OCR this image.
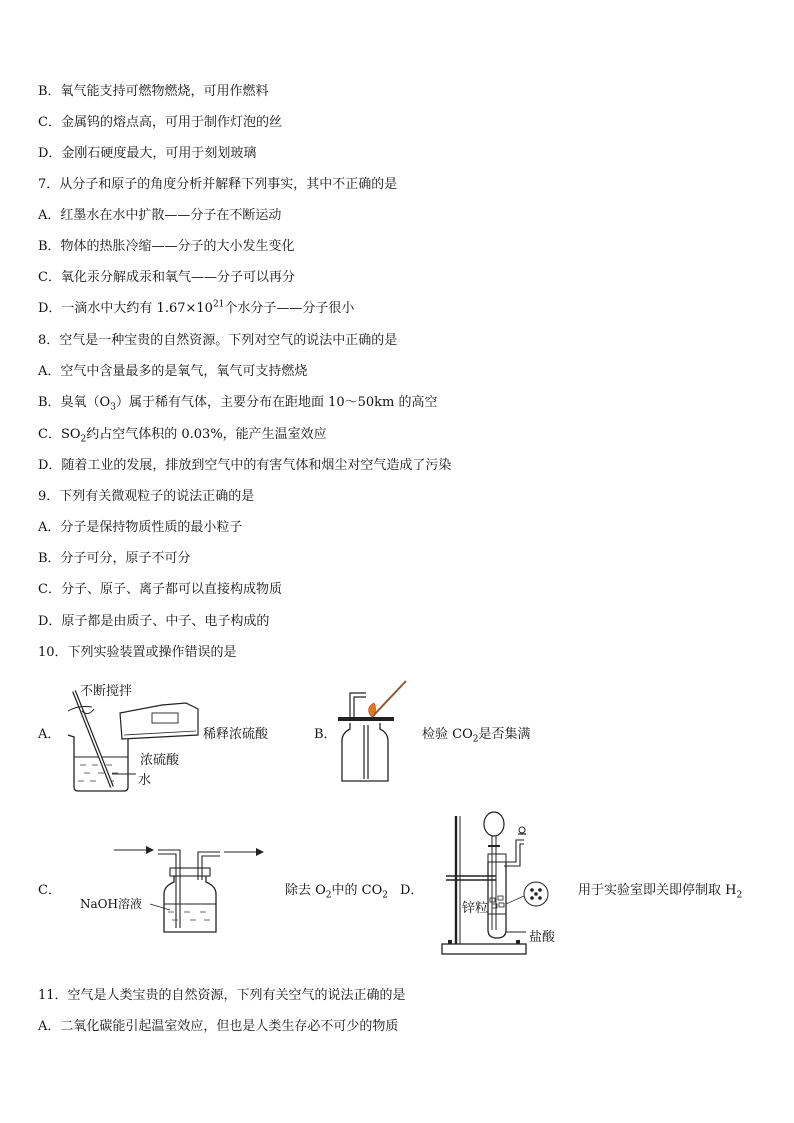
B．氧气能支持可燃物燃烧，可用作燃料
C．金属钨的熔点高，可用于制作灯泡的丝
D．金刚石硬度最大，可用于刻划玻璃
7．从分子和原子的角度分析并解释下列事实，其中不正确的是
A．红墨水在水中扩散——分子在不断运动
B．物体的热胀冷缩——分子的大小发生变化
C．氧化汞分解成汞和氧气——分子可以再分
D．一滴水中大约有 $1.67\times 10^{21}$个水分子——分子很小
8．空气是一种宝贵的自然资源。下列对空气的说法中正确的是
A．空气中含量最多的是氧气，氧气可支持燃烧
B．臭氧$(O_3)$属于稀有气体，主要分布在距地面 10～50km 的高空
C．$SO_2$约占空气体积的 0.03%，能产生温室效应
D．随着工业的发展，排放到空气中的有害气体和烟尘对空气造成了污染
9．下列有关微观粒子的说法正确的是
A．分子是保持物质性质的最小粒子
B．分子可分，原子不可分
C．分子、原子、离子都可以直接构成物质
D．原子都是由质子、中子、电子构成的
10．下列实验装置或操作错误的是
A．
不断搅拌
浓硫酸
水
稀释浓硫酸	B．	检验 $CO_2$是否集满
C．
NaOH溶液
除去 $O_2$中的 $CO_2$ D．
锌粒
盐酸
用于实验室即关即停制取 $H_2$
11．空气是人类宝贵的自然资源，下列有关空气的说法正确的是
A．二氧化碳能引起温室效应，但也是人类生存必不可少的物质
